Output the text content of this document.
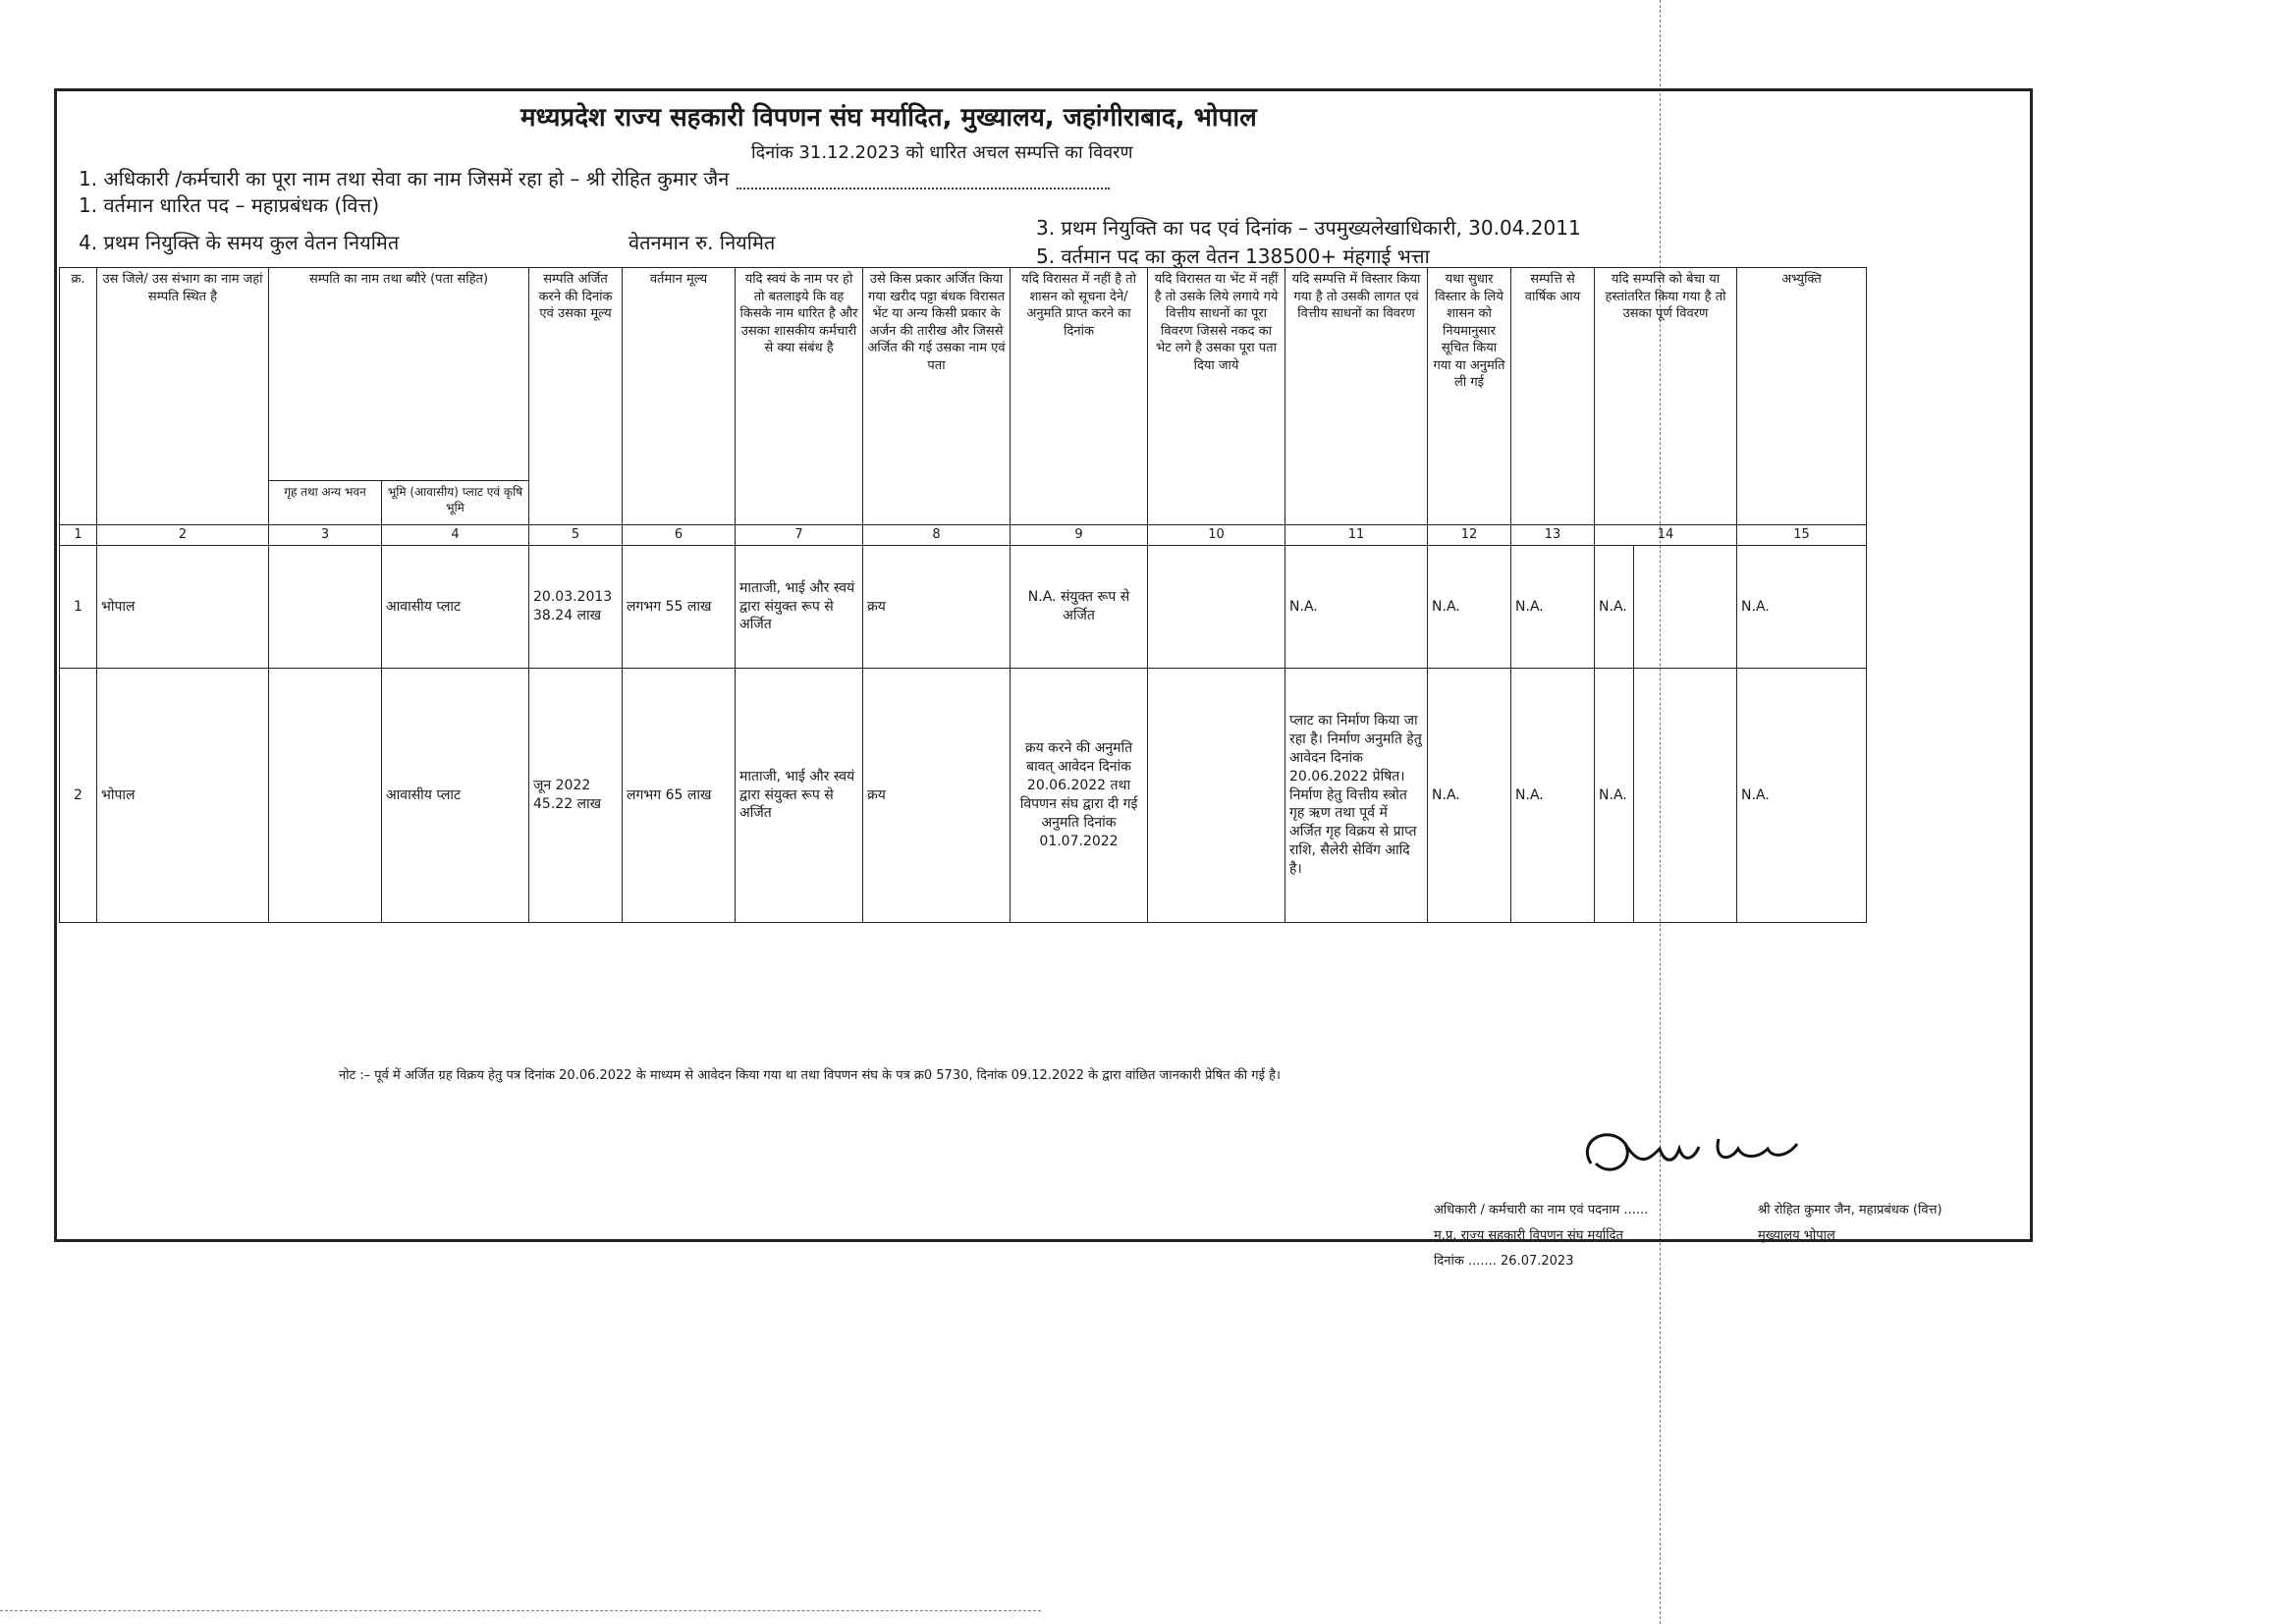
मध्यप्रदेश राज्य सहकारी विपणन संघ मर्यादित, मुख्यालय, जहांगीराबाद, भोपाल
दिनांक 31.12.2023 को धारित अचल सम्पत्ति का विवरण
1. अधिकारी /कर्मचारी का पूरा नाम तथा सेवा का नाम जिसमें रहा हो – श्री रोहित कुमार जैन
1. वर्तमान धारित पद – महाप्रबंधक (वित्त)
3. प्रथम नियुक्ति का पद एवं दिनांक – उपमुख्यलेखाधिकारी, 30.04.2011
4. प्रथम नियुक्ति के समय कुल वेतन नियमित	वेतनमान रु. नियमित
5. वर्तमान पद का कुल वेतन 138500+ मंहगाई भत्ता
क्र.	उस जिले/ उस संभाग का नाम जहां सम्पति स्थित है	सम्पति का नाम तथा ब्यौरे (पता सहित)		सम्पति अर्जित करने की दिनांक एवं उसका मूल्य	वर्तमान मूल्य	यदि स्वयं के नाम पर हो तो बतलाइये कि वह किसके नाम धारित है और उसका शासकीय कर्मचारी से क्या संबंध है	उसे किस प्रकार अर्जित किया गया खरीद पट्टा बंधक विरासत भेंट या अन्य किसी प्रकार के अर्जन की तारीख और जिससे अर्जित की गई उसका नाम एवं पता	यदि विरासत में नहीं है तो शासन को सूचना देने/अनुमति प्राप्त करने का दिनांक	यदि विरासत या भेंट में नहीं है तो उसके लिये लगाये गये वित्तीय साधनों का पूरा विवरण जिससे नकद का भेट लगे है उसका पूरा पता दिया जाये	यदि सम्पत्ति में विस्तार किया गया है तो उसकी लागत एवं वित्तीय साधनों का विवरण	यथा सुधार विस्तार के लिये शासन को नियमानुसार सूचित किया गया या अनुमति ली गई	सम्पत्ति से वार्षिक आय	यदि सम्पत्ति को बेचा या हस्तांतरित किया गया है तो उसका पूर्ण विवरण		अभ्युक्ति
		गृह तथा अन्य भवन	भूमि (आवासीय) प्लाट एवं कृषि भूमि												
1	2	3	4	5	6	7	8	9	10	11	12	13	14		15
1	भोपाल		आवासीय प्लाट	20.03.2013 38.24 लाख	लगभग 55 लाख	माताजी, भाई और स्वयं द्वारा संयुक्त रूप से अर्जित	क्रय	N.A. संयुक्त रूप से अर्जित		N.A.	N.A.	N.A.	N.A.		N.A.
2	भोपाल		आवासीय प्लाट	जून 2022 45.22 लाख	लगभग 65 लाख	माताजी, भाई और स्वयं द्वारा संयुक्त रूप से अर्जित	क्रय	क्रय करने की अनुमति बावत् आवेदन दिनांक 20.06.2022 तथा विपणन संघ द्वारा दी गई अनुमति दिनांक 01.07.2022		प्लाट का निर्माण किया जा रहा है। निर्माण अनुमति हेतु आवेदन दिनांक 20.06.2022 प्रेषित। निर्माण हेतु वित्तीय स्त्रोत गृह ऋण तथा पूर्व में अर्जित गृह विक्रय से प्राप्त राशि, सैलेरी सेविंग आदि है।	N.A.	N.A.	N.A.		N.A.
नोट :– पूर्व में अर्जित ग्रह विक्रय हेतु पत्र दिनांक 20.06.2022 के माध्यम से आवेदन किया गया था तथा विपणन संघ के पत्र क्र0 5730, दिनांक 09.12.2022 के द्वारा वांछित जानकारी प्रेषित की गई है।
अधिकारी / कर्मचारी का नाम एवं पदनाम ......	श्री रोहित कुमार जैन, महाप्रबंधक (वित्त)
म.प्र. राज्य सहकारी विपणन संघ मर्यादित	मुख्यालय भोपाल
दिनांक ....... 26.07.2023
